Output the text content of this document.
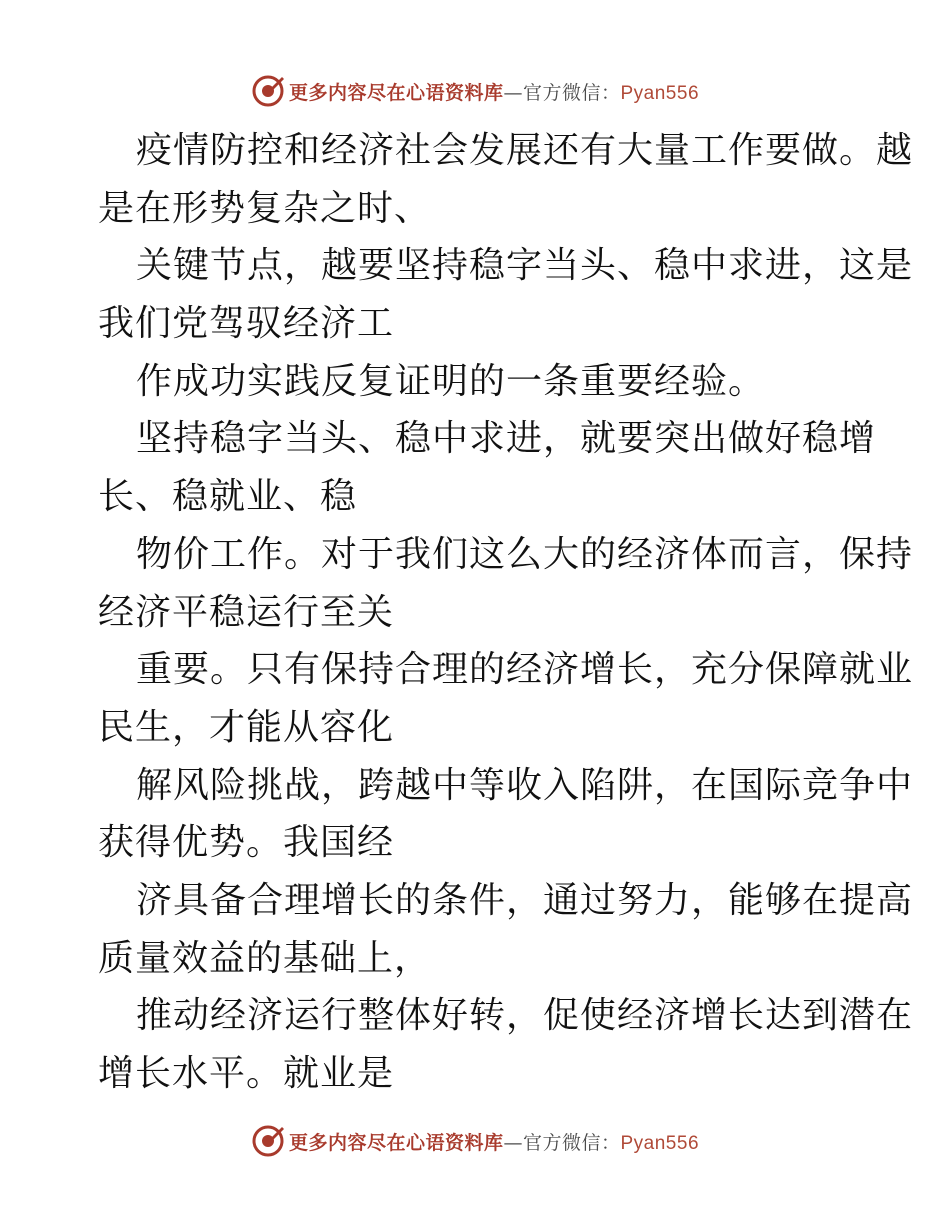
更多内容尽在心语资料库—官方微信：Pyan556
疫情防控和经济社会发展还有大量工作要做。越
是在形势复杂之时、
关键节点，越要坚持稳字当头、稳中求进，这是
我们党驾驭经济工
作成功实践反复证明的一条重要经验。
坚持稳字当头、稳中求进，就要突出做好稳增
长、稳就业、稳
物价工作。对于我们这么大的经济体而言，保持
经济平稳运行至关
重要。只有保持合理的经济增长，充分保障就业
民生，才能从容化
解风险挑战，跨越中等收入陷阱，在国际竞争中
获得优势。我国经
济具备合理增长的条件，通过努力，能够在提高
质量效益的基础上，
推动经济运行整体好转，促使经济增长达到潜在
增长水平。就业是
更多内容尽在心语资料库—官方微信：Pyan556
